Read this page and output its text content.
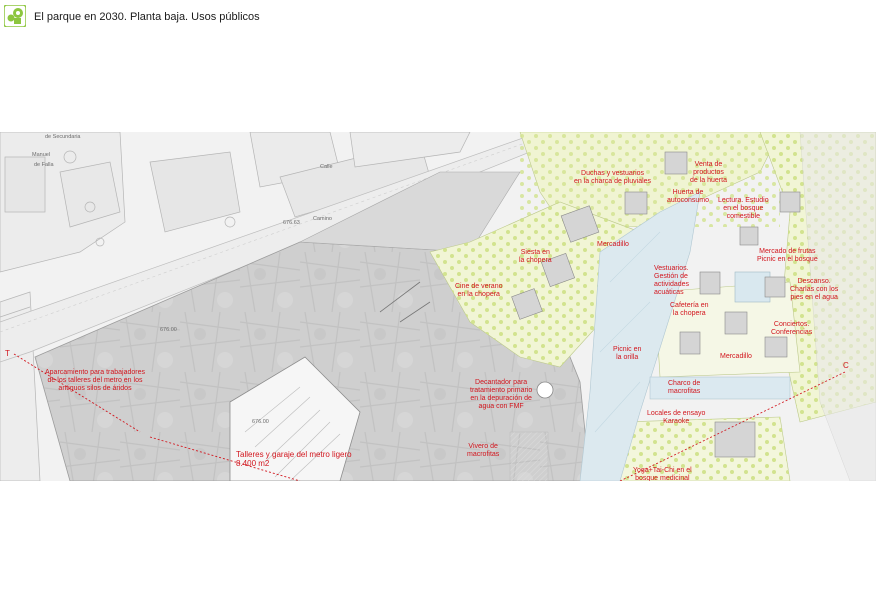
El parque en 2030. Planta baja. Usos públicos
de Secundaria
Manuel
de Falla	Calle
Camino
676.63
676.00
676.00
T
C
Aparcamiento para trabajadores
de los talleres del metro en los
antiguos silos de áridos
Talleres y garaje del metro ligero
8.400 m2
Decantador para
tratamiento primario
en la depuración de
agua con FMF
Vivero de
macrofitas
Cine de verano
en la chopera
Siesta en
la chopera
Mercadillo
Duchas y vestuarios
en la charca de pluviales
Huerta de
autoconsumo
Venta de
productos
de la huerta
Lectura. Estudio
en el bosque
comestible
Mercado de frutas
Picnic en el bosque
Vestuarios.
Gestión de
actividades
acuáticas
Descanso.
Charlas con los
pies en el agua
Cafetería en
la chopera
Conciertos.
Conferencias
Mercadillo
Picnic en
la orilla
Charco de
macrofitas
Locales de ensayo
Karaoke
Yoga+Tai-Chi en el
bosque medicinal
